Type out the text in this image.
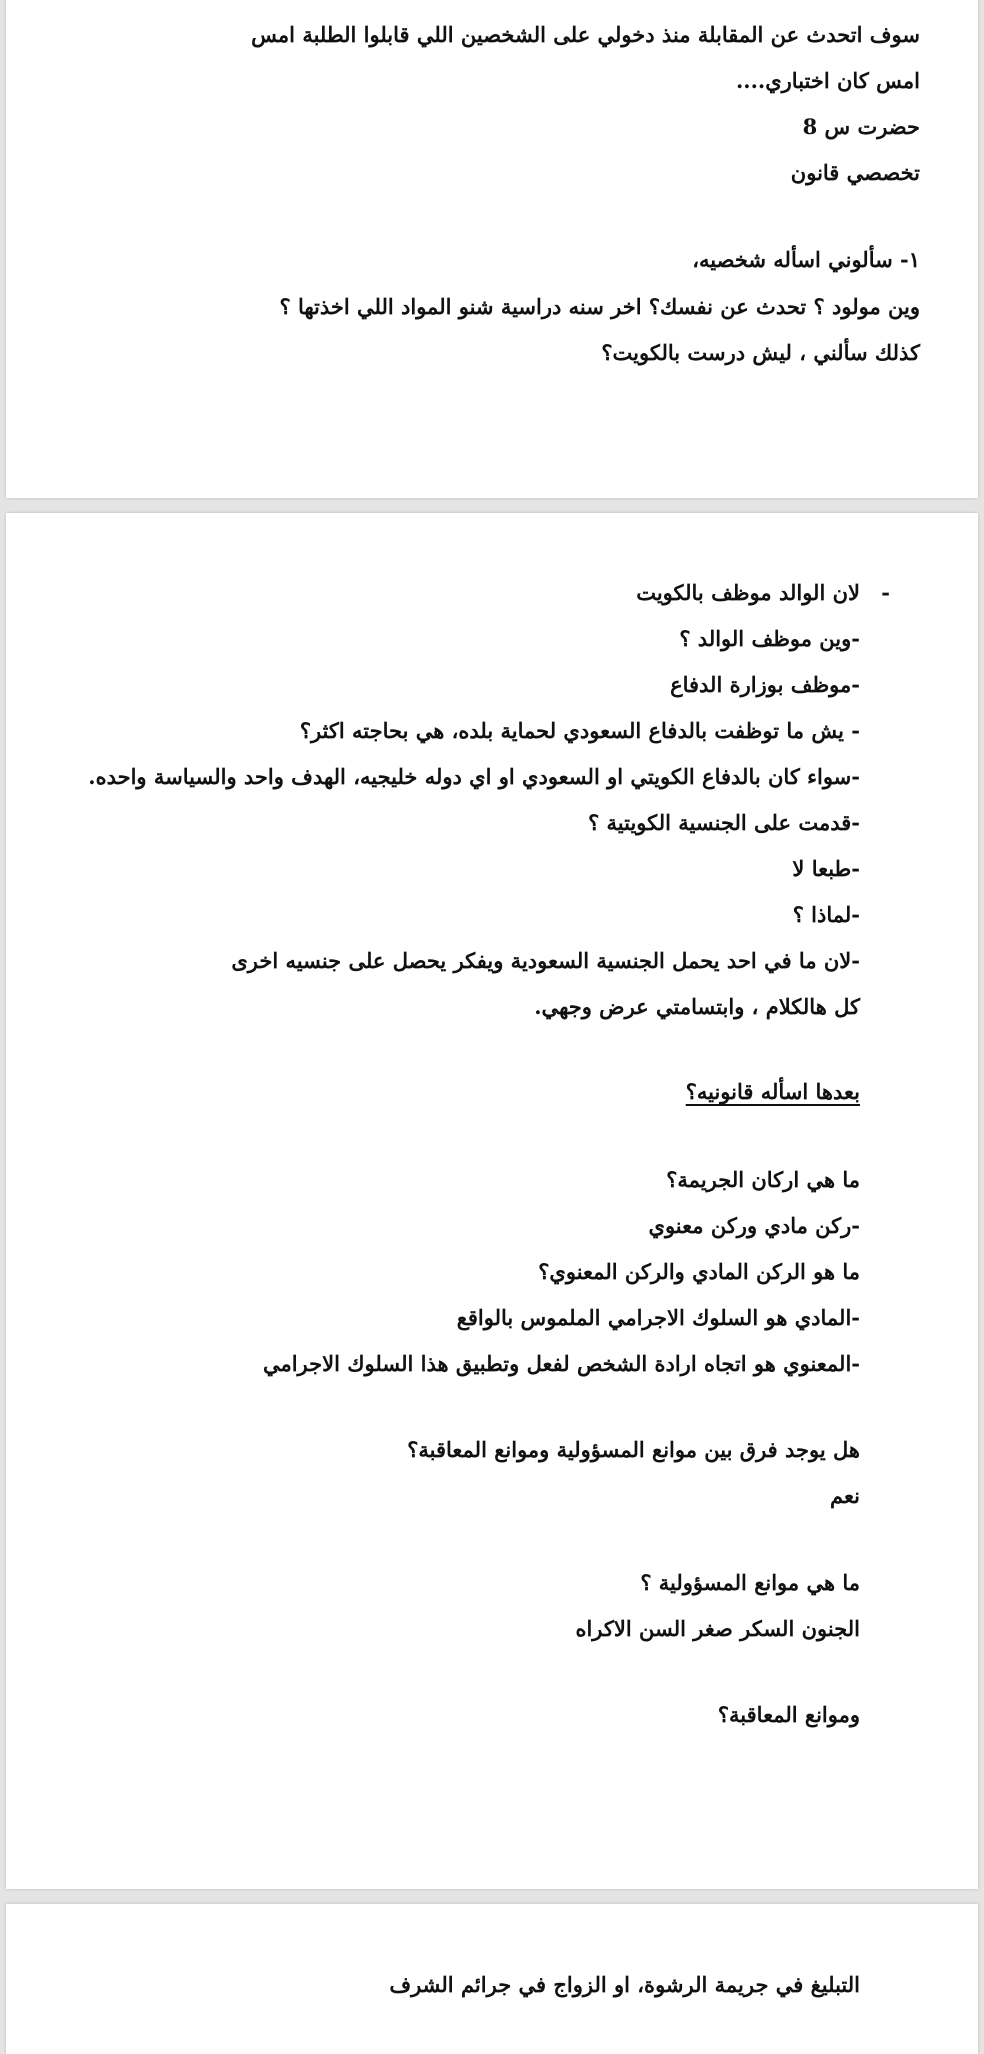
سوف اتحدث عن المقابلة منذ دخولي على الشخصين اللي قابلوا الطلبة امس
امس كان اختباري....
حضرت س 8
تخصصي قانون
١- سألوني اسأله شخصيه،
وين مولود ؟ تحدث عن نفسك؟ اخر سنه دراسية شنو المواد اللي اخذتها ؟
كذلك سألني ، ليش درست بالكويت؟
-
لان الوالد موظف بالكويت
-وين موظف الوالد ؟
-موظف بوزارة الدفاع
- يش ما توظفت بالدفاع السعودي لحماية بلده، هي بحاجته اكثر؟
-سواء كان بالدفاع الكويتي او السعودي او اي دوله خليجيه، الهدف واحد والسياسة واحده.
-قدمت على الجنسية الكويتية ؟
-طبعا لا
-لماذا ؟
-لان ما في احد يحمل الجنسية السعودية ويفكر يحصل على جنسيه اخرى
كل هالكلام ، وابتسامتي عرض وجهي.
بعدها اسأله قانونيه؟
ما هي اركان الجريمة؟
-ركن مادي وركن معنوي
ما هو الركن المادي والركن المعنوي؟
-المادي هو السلوك الاجرامي الملموس بالواقع
-المعنوي هو اتجاه ارادة الشخص لفعل وتطبيق هذا السلوك الاجرامي
هل يوجد فرق بين موانع المسؤولية وموانع المعاقبة؟
نعم
ما هي موانع المسؤولية ؟
الجنون السكر صغر السن الاكراه
وموانع المعاقبة؟
التبليغ في جريمة الرشوة، او الزواج في جرائم الشرف
